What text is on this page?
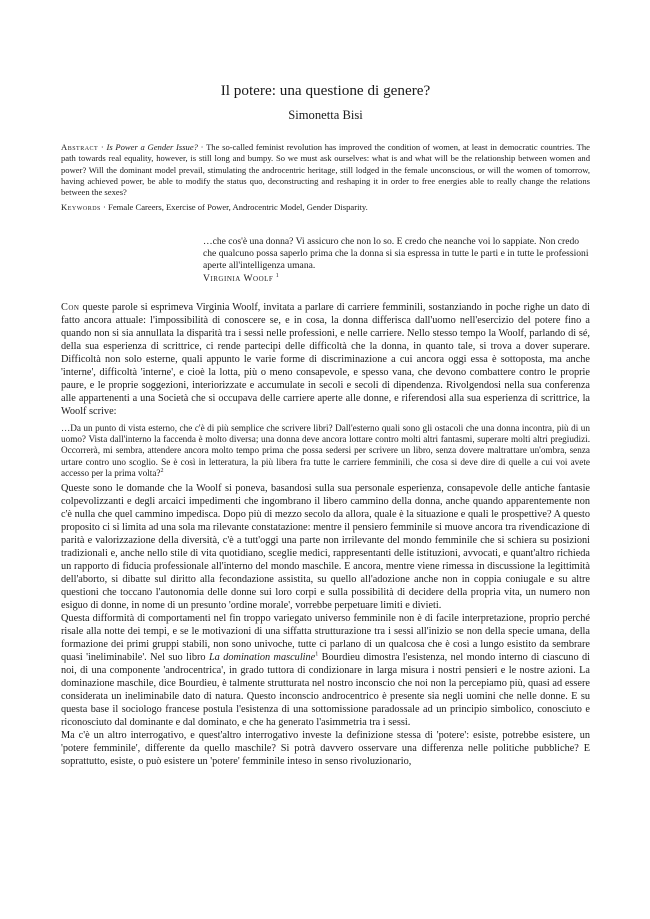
Il potere: una questione di genere?
Simonetta Bisi

Abstract · Is Power a Gender Issue? · The so-called feminist revolution has improved the condition of women, at least in democratic countries. The path towards real equality, however, is still long and bumpy. So we must ask ourselves: what is and what will be the relationship between women and power? Will the dominant model prevail, stimulating the androcentric heritage, still lodged in the female unconscious, or will the women of tomorrow, having achieved power, be able to modify the status quo, deconstructing and reshaping it in order to free energies able to really change the relations between the sexes?

Keywords · Female Careers, Exercise of Power, Androcentric Model, Gender Disparity.

…che cos'è una donna? Vi assicuro che non lo so. E credo che neanche voi lo sappiate. Non credo che qualcuno possa saperlo prima che la donna si sia espressa in tutte le parti e in tutte le professioni aperte all'intelligenza umana.
Virginia Woolf $^1$

Con queste parole si esprimeva Virginia Woolf, invitata a parlare di carriere femminili, sostanziando in poche righe un dato di fatto ancora attuale: l'impossibilità di conoscere se, e in cosa, la donna differisca dall'uomo nell'esercizio del potere fino a quando non si sia annullata la disparità tra i sessi nelle professioni, e nelle carriere. Nello stesso tempo la Woolf, parlando di sé, della sua esperienza di scrittrice, ci rende partecipi delle difficoltà che la donna, in quanto tale, si trova a dover superare. Difficoltà non solo esterne, quali appunto le varie forme di discriminazione a cui ancora oggi essa è sottoposta, ma anche 'interne', difficoltà 'interne', e cioè la lotta, più o meno consapevole, e spesso vana, che devono combattere contro le proprie paure, e le proprie soggezioni, interiorizzate e accumulate in secoli e secoli di dipendenza. Rivolgendosi nella sua conferenza alle appartenenti a una Società che si occupava delle carriere aperte alle donne, e riferendosi alla sua esperienza di scrittrice, la Woolf scrive:

…Da un punto di vista esterno, che c'è di più semplice che scrivere libri? Dall'esterno quali sono gli ostacoli che una donna incontra, più di un uomo? Vista dall'interno la faccenda è molto diversa; una donna deve ancora lottare contro molti altri fantasmi, superare molti altri pregiudizi. Occorrerà, mi sembra, attendere ancora molto tempo prima che possa sedersi per scrivere un libro, senza dovere maltrattare un'ombra, senza urtare contro uno scoglio. Se è così in letteratura, la più libera fra tutte le carriere femminili, che cosa si deve dire di quelle a cui voi avete accesso per la prima volta?$^2$

Queste sono le domande che la Woolf si poneva, basandosi sulla sua personale esperienza, consapevole delle antiche fantasie colpevolizzanti e degli arcaici impedimenti che ingombrano il libero cammino della donna, anche quando apparentemente non c'è nulla che quel cammino impedisca. Dopo più di mezzo secolo da allora, quale è la situazione e quali le prospettive? A questo proposito ci si limita ad una sola ma rilevante constatazione: mentre il pensiero femminile si muove ancora tra rivendicazione di parità e valorizzazione della diversità, c'è a tutt'oggi una parte non irrilevante del mondo femminile che si schiera su posizioni tradizionali e, anche nello stile di vita quotidiano, sceglie medici, rappresentanti delle istituzioni, avvocati, e quant'altro richieda un rapporto di fiducia professionale all'interno del mondo maschile. E ancora, mentre viene rimessa in discussione la legittimità dell'aborto, si dibatte sul diritto alla fecondazione assistita, su quello all'adozione anche non in coppia coniugale e su altre questioni che toccano l'autonomia delle donne sui loro corpi e sulla possibilità di decidere della propria vita, un numero non esiguo di donne, in nome di un presunto 'ordine morale', vorrebbe perpetuare limiti e divieti.

Questa difformità di comportamenti nel fin troppo variegato universo femminile non è di facile interpretazione, proprio perché risale alla notte dei tempi, e se le motivazioni di una siffatta strutturazione tra i sessi all'inizio se non della specie umana, della formazione dei primi gruppi stabili, non sono univoche, tutte ci parlano di un qualcosa che è così a lungo esistito da sembrare quasi 'ineliminabile'. Nel suo libro La domination masculine$^1$ Bourdieu dimostra l'esistenza, nel mondo interno di ciascuno di noi, di una componente 'androcentrica', in grado tuttora di condizionare in larga misura i nostri pensieri e le nostre azioni. La dominazione maschile, dice Bourdieu, è talmente strutturata nel nostro inconscio che noi non la percepiamo più, quasi ad essere considerata un ineliminabile dato di natura. Questo inconscio androcentrico è presente sia negli uomini che nelle donne. E su questa base il sociologo francese postula l'esistenza di una sottomissione paradossale ad un principio simbolico, conosciuto e riconosciuto dal dominante e dal dominato, e che ha generato l'asimmetria tra i sessi.

Ma c'è un altro interrogativo, e quest'altro interrogativo investe la definizione stessa di 'potere': esiste, potrebbe esistere, un 'potere femminile', differente da quello maschile? Si potrà davvero osservare una differenza nelle politiche pubbliche? E soprattutto, esiste, o può esistere un 'potere' femminile inteso in senso rivoluzionario,
